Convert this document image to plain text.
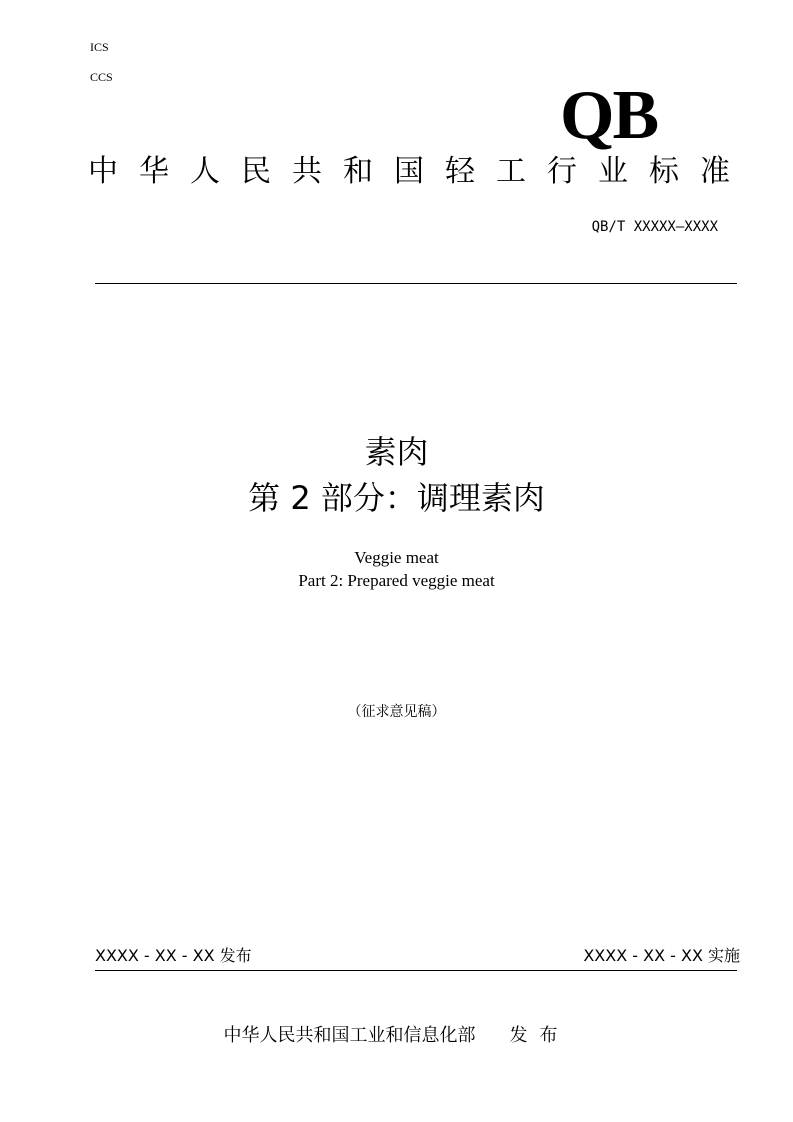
ICS
CCS	QB
中华人民共和国轻工行业标准
QB/T XXXXX—XXXX
素肉
第 2 部分：调理素肉
Veggie meat
Part 2: Prepared veggie meat
（征求意见稿）
XXXX - XX - XX 发布	XXXX - XX - XX 实施
中华人民共和国工业和信息化部 发布
